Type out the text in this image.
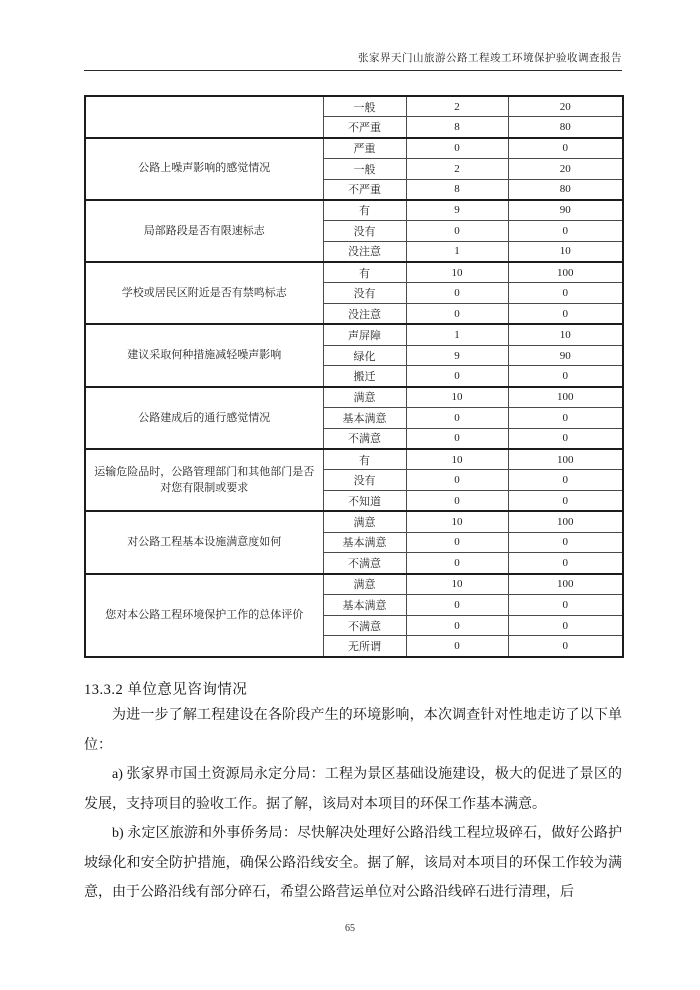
张家界天门山旅游公路工程竣工环境保护验收调查报告
	一般	2	20
	不严重	8	80
公路上噪声影响的感觉情况	严重	0	0
	一般	2	20
	不严重	8	80
局部路段是否有限速标志	有	9	90
	没有	0	0
	没注意	1	10
学校或居民区附近是否有禁鸣标志	有	10	100
	没有	0	0
	没注意	0	0
建议采取何种措施减轻噪声影响	声屏障	1	10
	绿化	9	90
	搬迁	0	0
公路建成后的通行感觉情况	满意	10	100
	基本满意	0	0
	不满意	0	0
运输危险品时，公路管理部门和其他部门是否对您有限制或要求	有	10	100
	没有	0	0
	不知道	0	0
对公路工程基本设施满意度如何	满意	10	100
	基本满意	0	0
	不满意	0	0
您对本公路工程环境保护工作的总体评价	满意	10	100
	基本满意	0	0
	不满意	0	0
	无所谓	0	0
13.3.2 单位意见咨询情况

为进一步了解工程建设在各阶段产生的环境影响，本次调查针对性地走访了以下单位：

a) 张家界市国土资源局永定分局：工程为景区基础设施建设，极大的促进了景区的发展，支持项目的验收工作。据了解，该局对本项目的环保工作基本满意。

b) 永定区旅游和外事侨务局：尽快解决处理好公路沿线工程垃圾碎石，做好公路护坡绿化和安全防护措施，确保公路沿线安全。据了解，该局对本项目的环保工作较为满意，由于公路沿线有部分碎石，希望公路营运单位对公路沿线碎石进行清理，后

65
